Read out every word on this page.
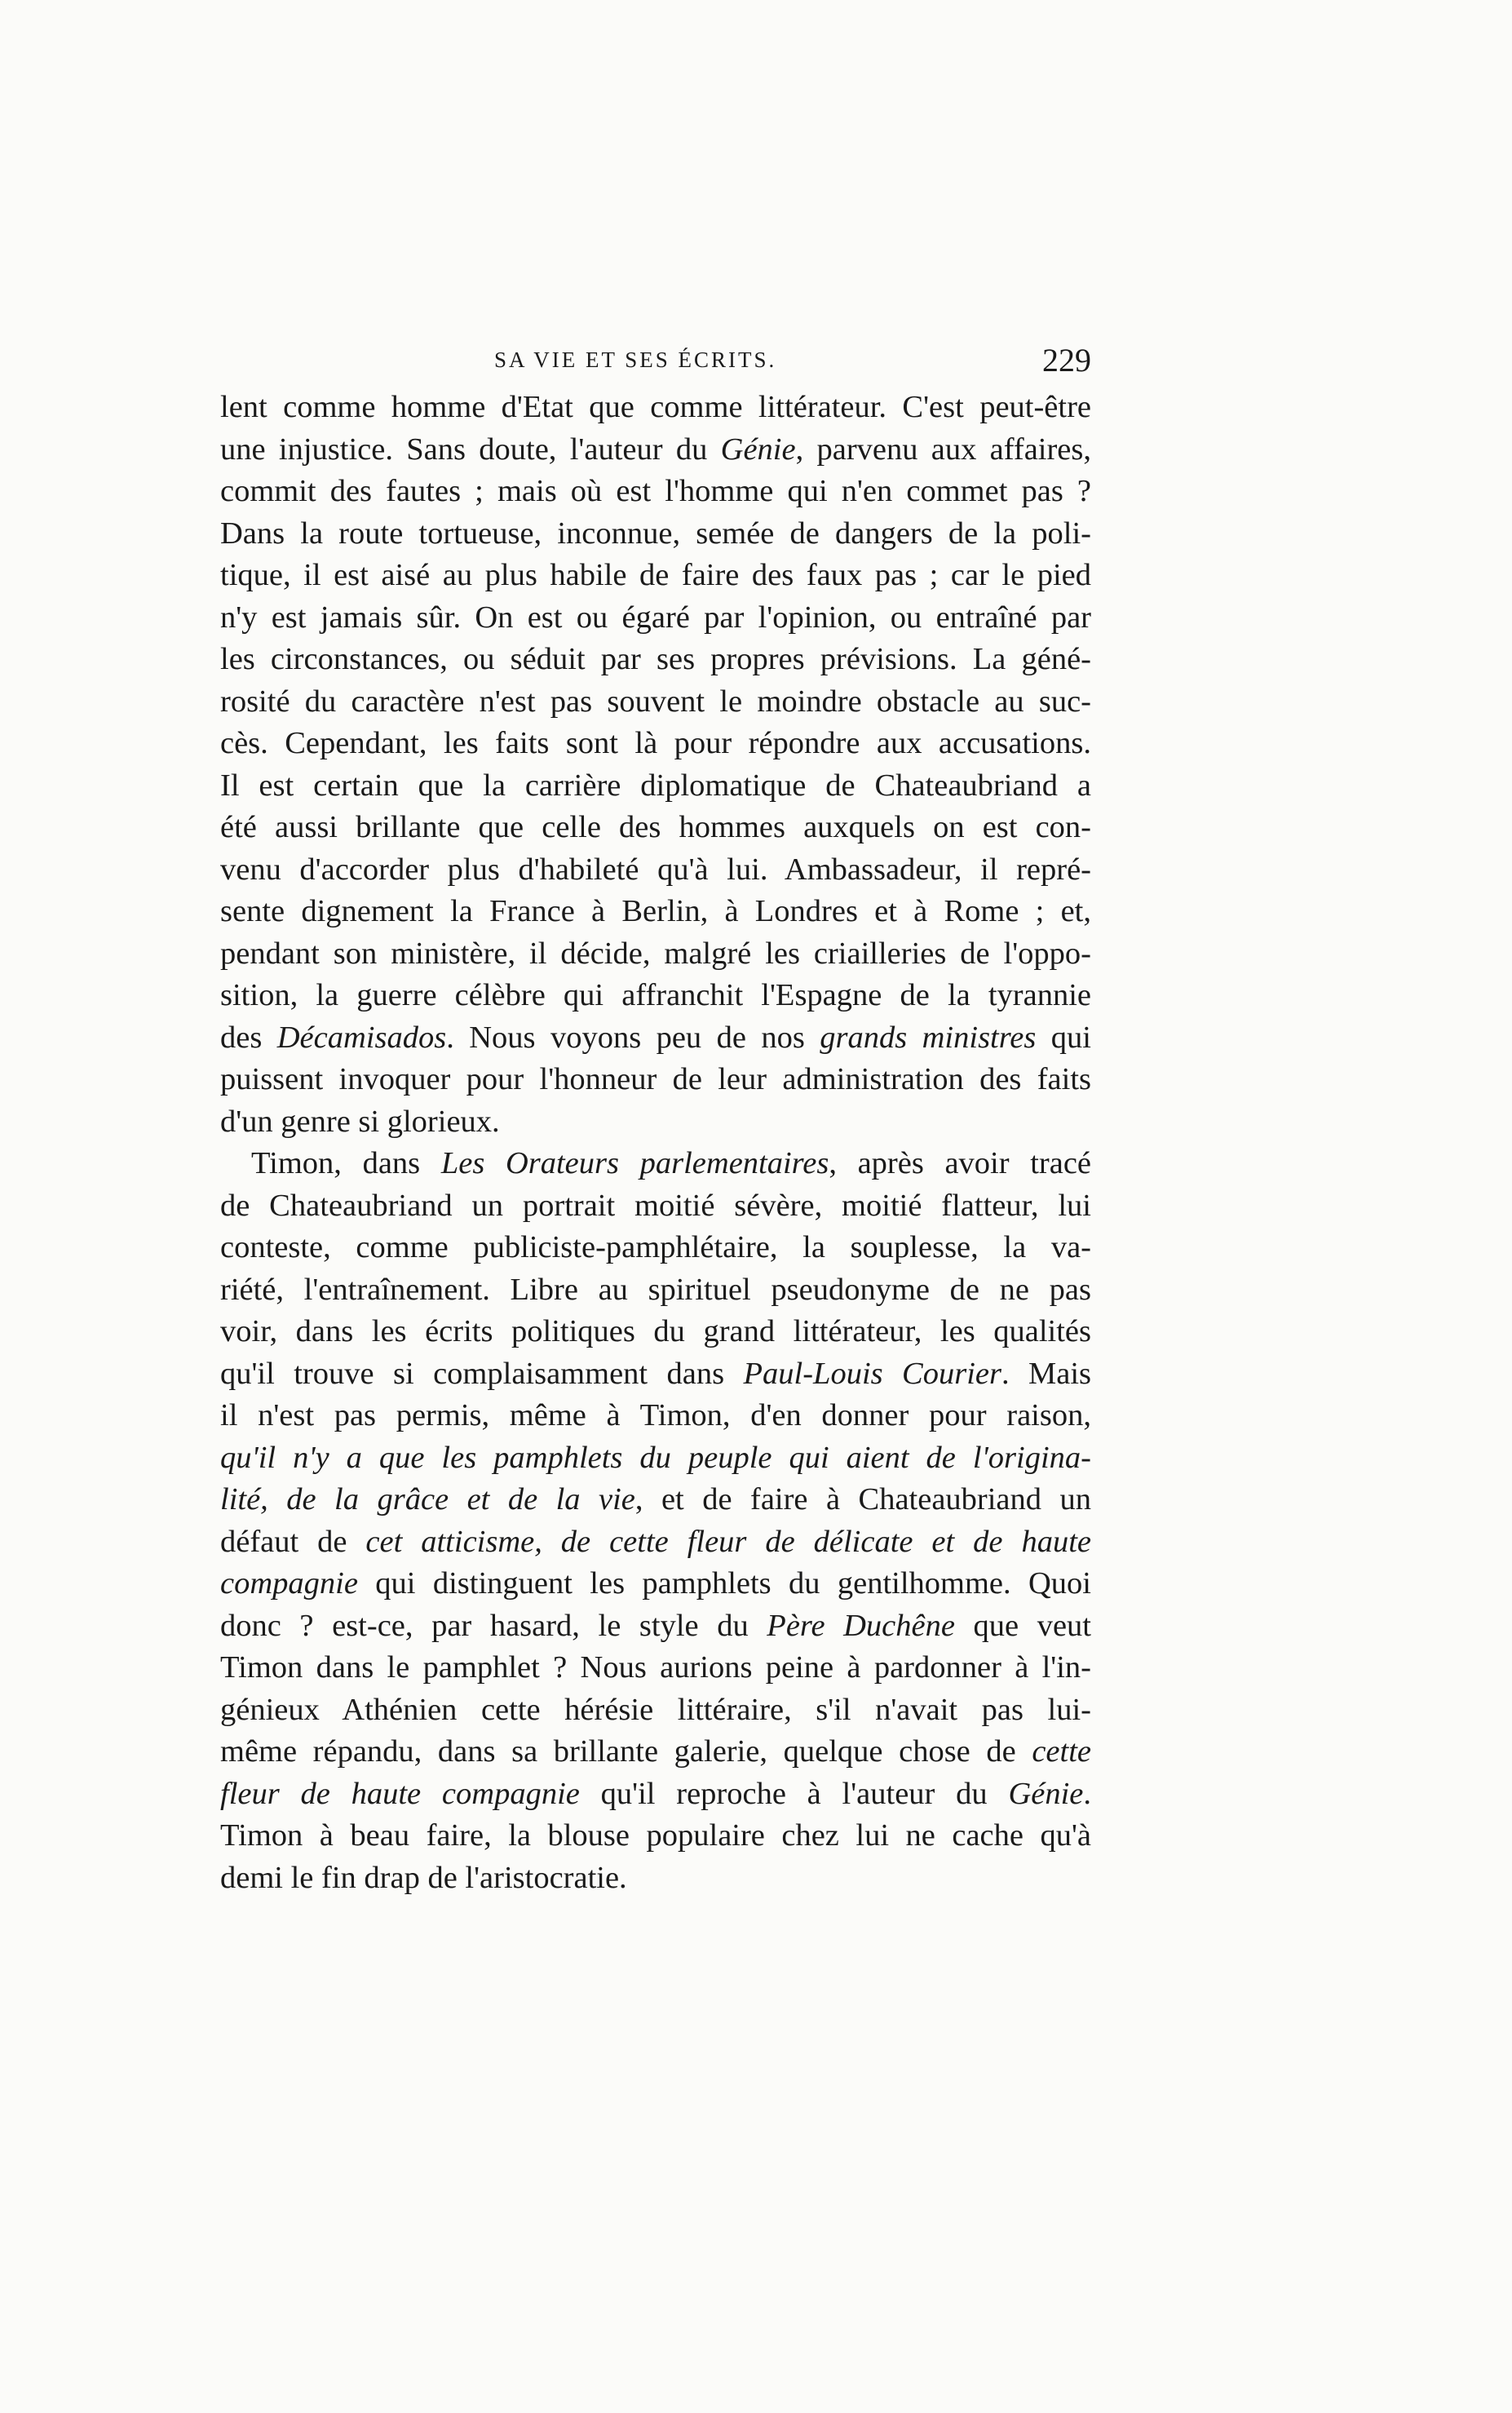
SA VIE ET SES ÉCRITS.	229
lent comme homme d'Etat que comme littérateur. C'est peut-être
une injustice. Sans doute, l'auteur du Génie, parvenu aux affaires,
commit des fautes ; mais où est l'homme qui n'en commet pas ?
Dans la route tortueuse, inconnue, semée de dangers de la poli-
tique, il est aisé au plus habile de faire des faux pas ; car le pied
n'y est jamais sûr. On est ou égaré par l'opinion, ou entraîné par
les circonstances, ou séduit par ses propres prévisions. La géné-
rosité du caractère n'est pas souvent le moindre obstacle au suc-
cès. Cependant, les faits sont là pour répondre aux accusations.
Il est certain que la carrière diplomatique de Chateaubriand a
été aussi brillante que celle des hommes auxquels on est con-
venu d'accorder plus d'habileté qu'à lui. Ambassadeur, il repré-
sente dignement la France à Berlin, à Londres et à Rome ; et,
pendant son ministère, il décide, malgré les criailleries de l'oppo-
sition, la guerre célèbre qui affranchit l'Espagne de la tyrannie
des Décamisados. Nous voyons peu de nos grands ministres qui
puissent invoquer pour l'honneur de leur administration des faits
d'un genre si glorieux.
Timon, dans Les Orateurs parlementaires, après avoir tracé
de Chateaubriand un portrait moitié sévère, moitié flatteur, lui
conteste, comme publiciste-pamphlétaire, la souplesse, la va-
riété, l'entraînement. Libre au spirituel pseudonyme de ne pas
voir, dans les écrits politiques du grand littérateur, les qualités
qu'il trouve si complaisamment dans Paul-Louis Courier. Mais
il n'est pas permis, même à Timon, d'en donner pour raison,
qu'il n'y a que les pamphlets du peuple qui aient de l'origina-
lité, de la grâce et de la vie, et de faire à Chateaubriand un
défaut de cet atticisme, de cette fleur de délicate et de haute
compagnie qui distinguent les pamphlets du gentilhomme. Quoi
donc ? est-ce, par hasard, le style du Père Duchêne que veut
Timon dans le pamphlet ? Nous aurions peine à pardonner à l'in-
génieux Athénien cette hérésie littéraire, s'il n'avait pas lui-
même répandu, dans sa brillante galerie, quelque chose de cette
fleur de haute compagnie qu'il reproche à l'auteur du Génie.
Timon à beau faire, la blouse populaire chez lui ne cache qu'à
demi le fin drap de l'aristocratie.
